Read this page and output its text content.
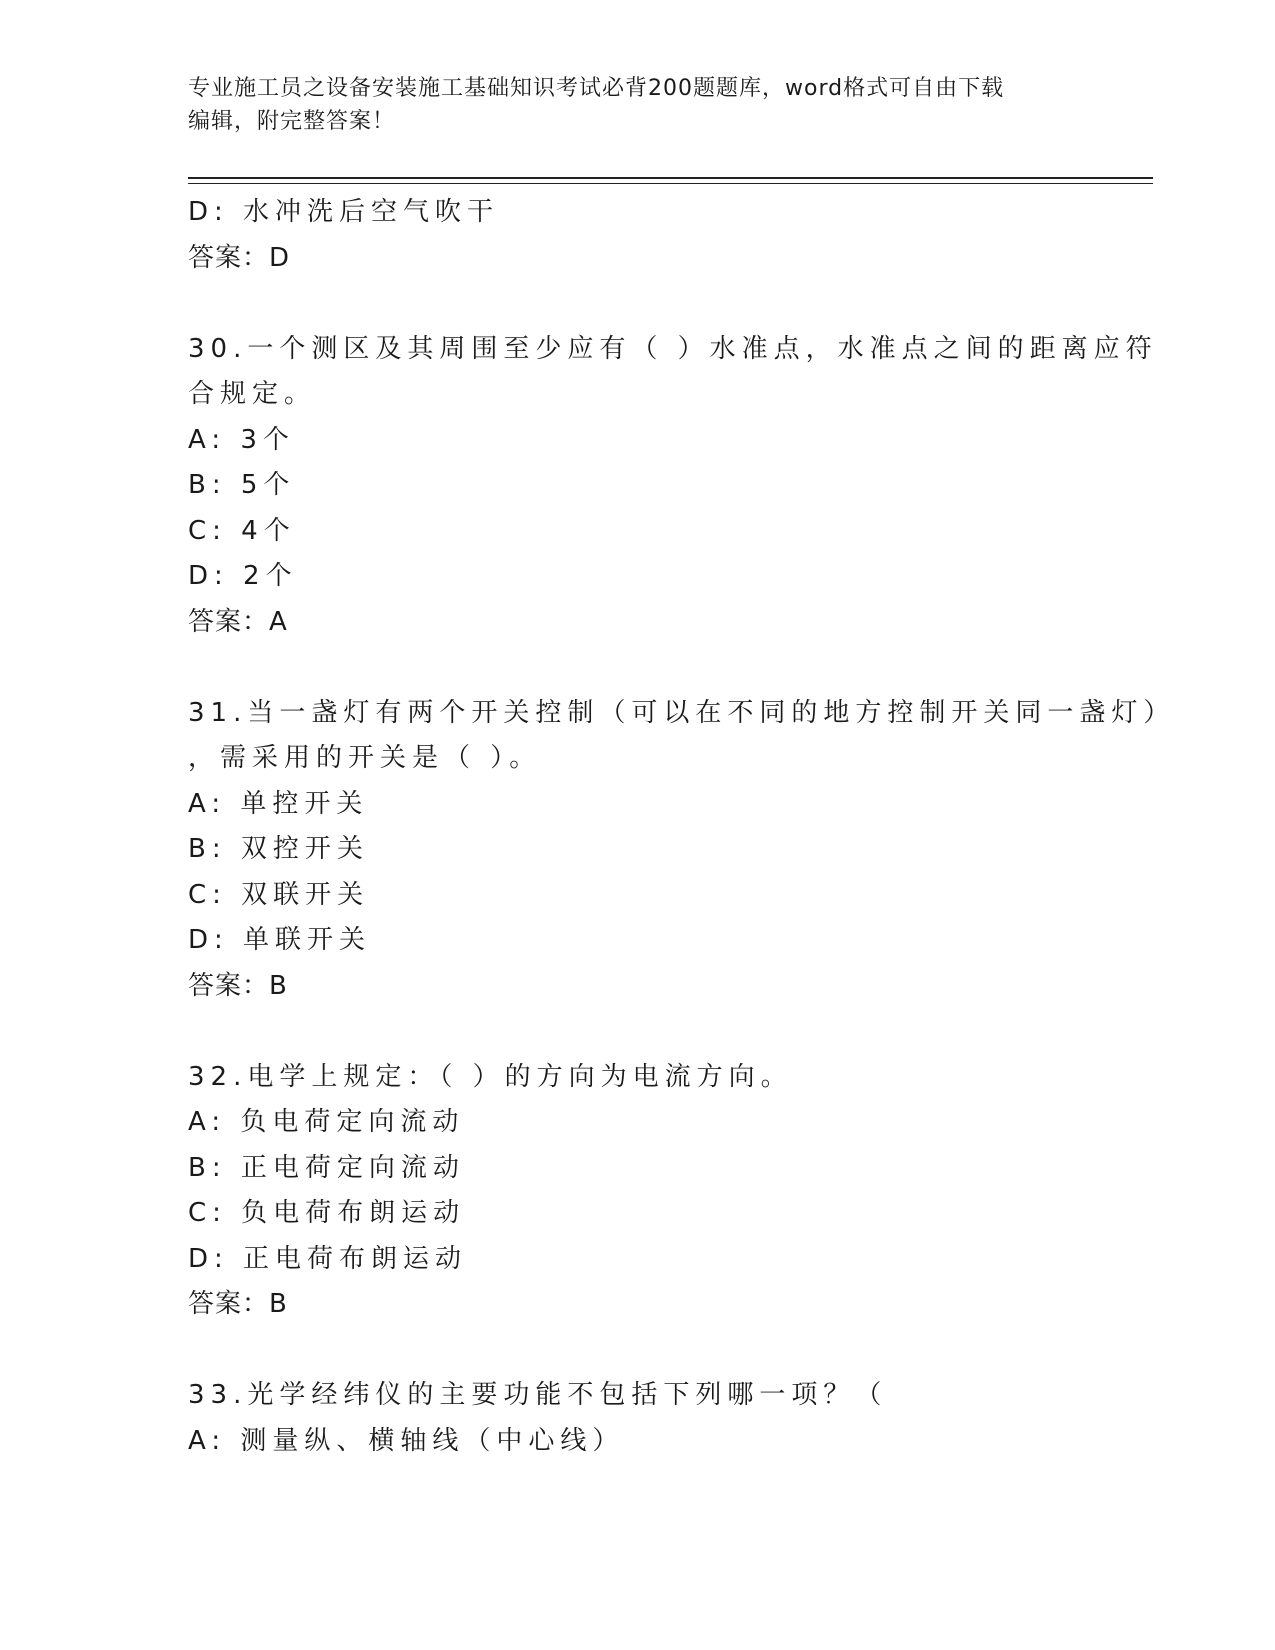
专业施工员之设备安装施工基础知识考试必背200题题库，word格式可自由下载
编辑，附完整答案！
D: 水冲洗后空气吹干
答案：D
30.一个测区及其周围至少应有（ ）水准点，水准点之间的距离应符
合规定。
A: 3个
B: 5个
C: 4个
D: 2个
答案：A
31.当一盏灯有两个开关控制（可以在不同的地方控制开关同一盏灯）
，需采用的开关是（ ）。
A: 单控开关
B: 双控开关
C: 双联开关
D: 单联开关
答案：B
32.电学上规定：（ ）的方向为电流方向。
A: 负电荷定向流动
B: 正电荷定向流动
C: 负电荷布朗运动
D: 正电荷布朗运动
答案：B
33.光学经纬仪的主要功能不包括下列哪一项？（
A: 测量纵、横轴线（中心线）
